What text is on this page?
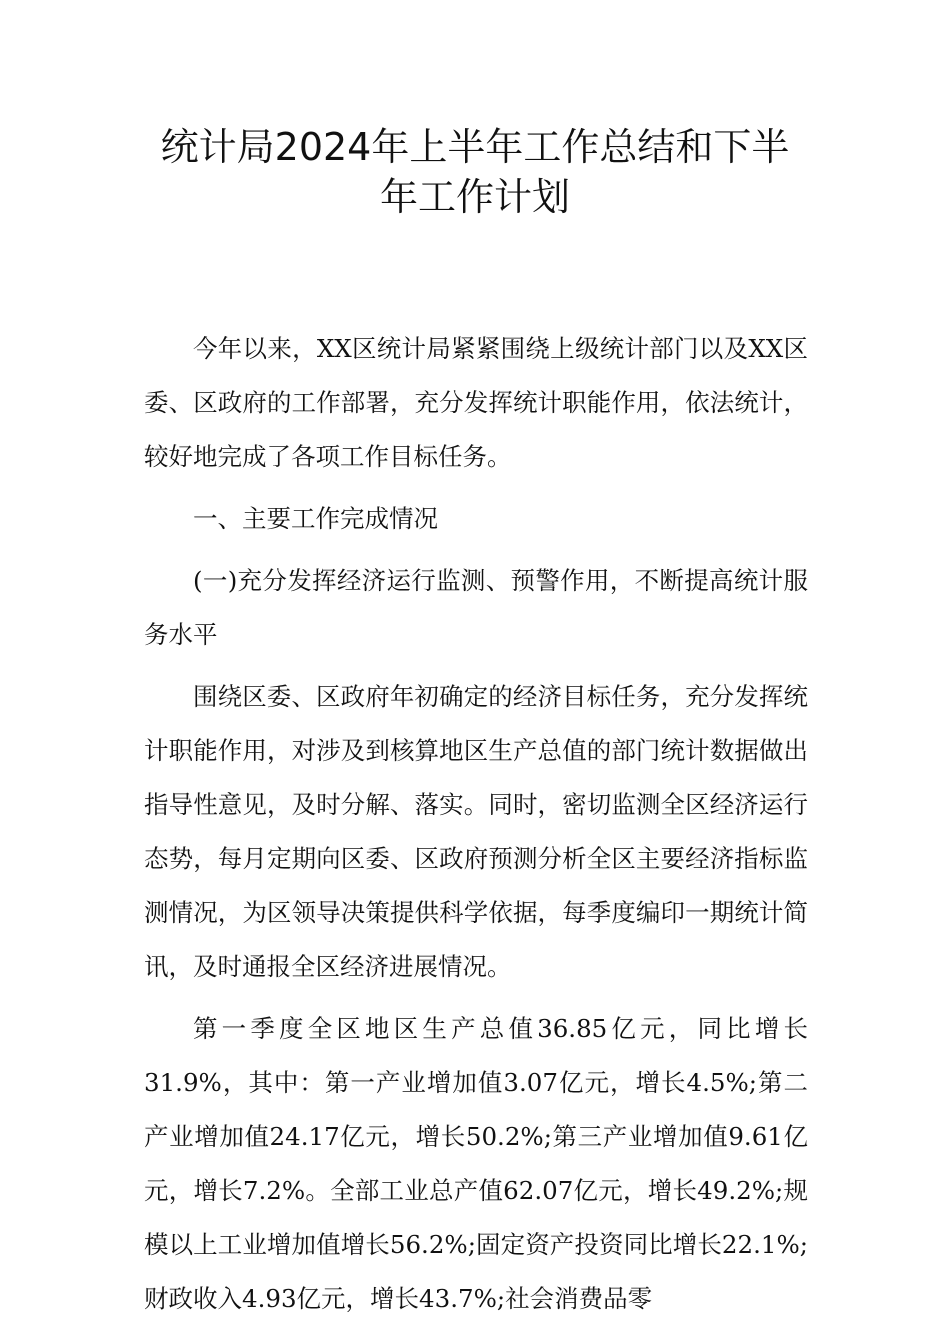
统计局2024年上半年工作总结和下半
年工作计划

今年以来，XX区统计局紧紧围绕上级统计部门以及XX区委、区政府的工作部署，充分发挥统计职能作用，依法统计，较好地完成了各项工作目标任务。

一、主要工作完成情况

(一)充分发挥经济运行监测、预警作用，不断提高统计服务水平

围绕区委、区政府年初确定的经济目标任务，充分发挥统计职能作用，对涉及到核算地区生产总值的部门统计数据做出指导性意见，及时分解、落实。同时，密切监测全区经济运行态势，每月定期向区委、区政府预测分析全区主要经济指标监测情况，为区领导决策提供科学依据，每季度编印一期统计简讯，及时通报全区经济进展情况。

第一季度全区地区生产总值36.85亿元，同比增长31.9%，其中：第一产业增加值3.07亿元，增长4.5%;第二产业增加值24.17亿元，增长50.2%;第三产业增加值9.61亿元，增长7.2%。全部工业总产值62.07亿元，增长49.2%;规模以上工业增加值增长56.2%;固定资产投资同比增长22.1%;财政收入4.93亿元，增长43.7%;社会消费品零
